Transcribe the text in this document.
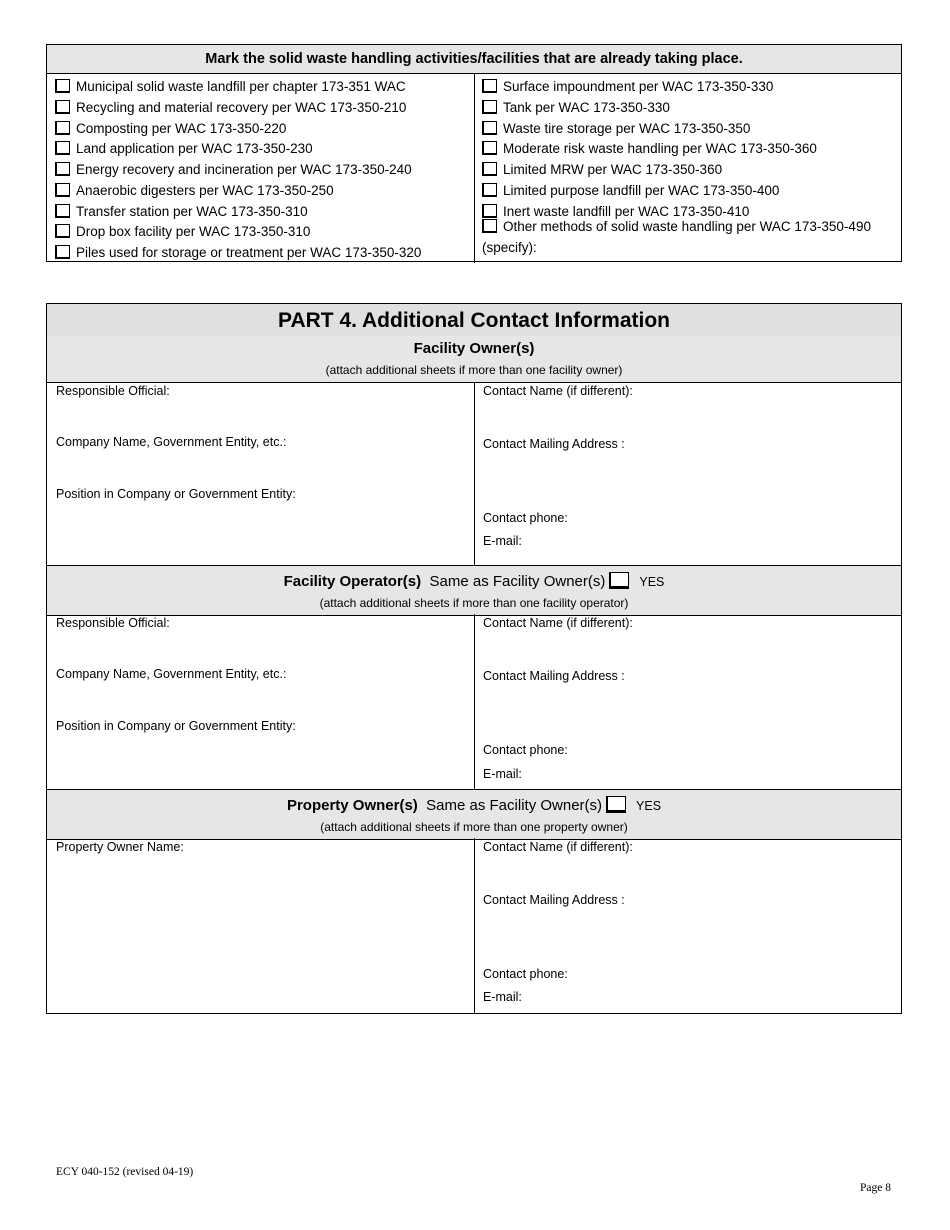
Mark the solid waste handling activities/facilities that are already taking place.
Municipal solid waste landfill per chapter 173-351 WAC
Recycling and material recovery per WAC 173-350-210
Composting per WAC 173-350-220
Land application per WAC 173-350-230
Energy recovery and incineration per WAC 173-350-240
Anaerobic digesters per WAC 173-350-250
Transfer station per WAC 173-350-310
Drop box facility per WAC 173-350-310
Piles used for storage or treatment per WAC 173-350-320
Surface impoundment per WAC 173-350-330
Tank per WAC 173-350-330
Waste tire storage per WAC 173-350-350
Moderate risk waste handling per WAC 173-350-360
Limited MRW per WAC 173-350-360
Limited purpose landfill per WAC 173-350-400
Inert waste landfill per WAC 173-350-410
Other methods of solid waste handling per WAC 173-350-490
(specify):
PART 4. Additional Contact Information
Facility Owner(s)
(attach additional sheets if more than one facility owner)
Responsible Official:
Company Name, Government Entity, etc.:
Position in Company or Government Entity:
Contact Name (if different):
Contact Mailing Address :
Contact phone:
E-mail:
Facility Operator(s) Same as Facility Owner(s)	YES
(attach additional sheets if more than one facility operator)
Responsible Official:
Company Name, Government Entity, etc.:
Position in Company or Government Entity:
Contact Name (if different):
Contact Mailing Address :
Contact phone:
E-mail:
Property Owner(s) Same as Facility Owner(s)	YES
(attach additional sheets if more than one property owner)
Property Owner Name:	Contact Name (if different):
Contact Mailing Address :
Contact phone:
E-mail:
ECY 040-152 (revised 04-19)
Page 8
